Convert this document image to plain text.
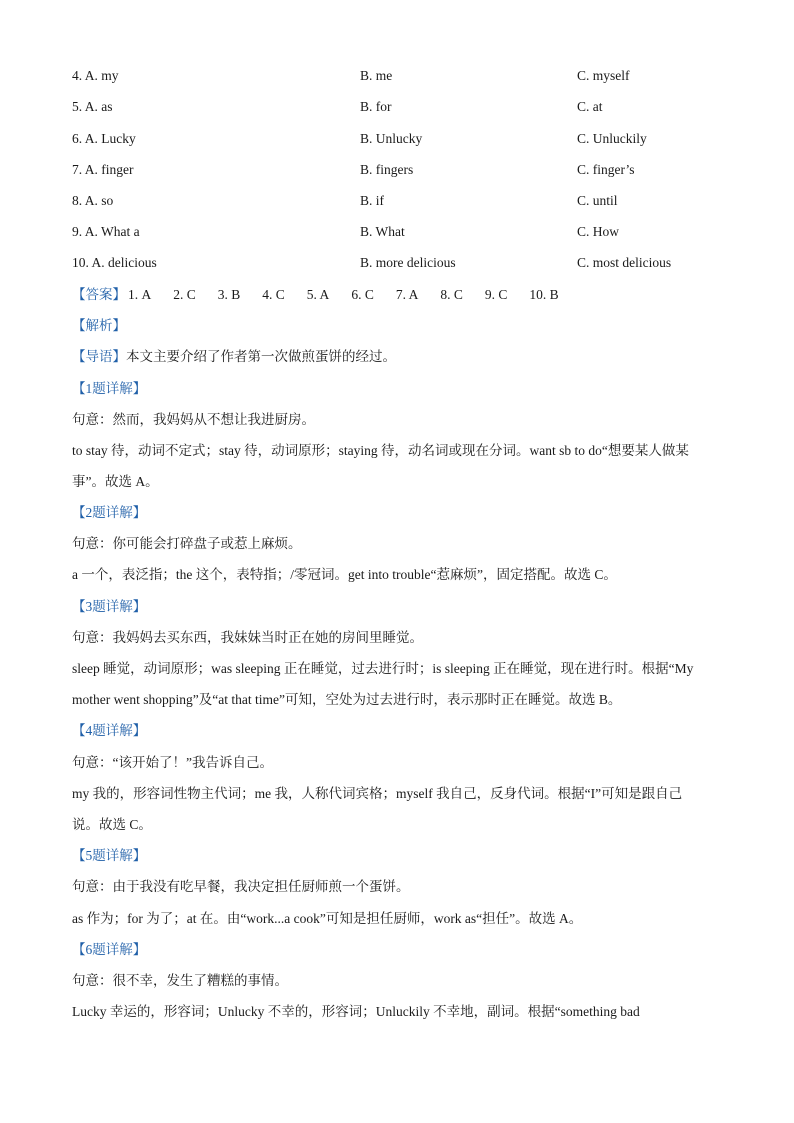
4. A. my	B. me	C. myself
5. A. as	B. for	C. at
6. A. Lucky	B. Unlucky	C. Unluckily
7. A. finger	B. fingers	C. finger’s
8. A. so	B. if	C. until
9. A. What a	B. What	C. How
10. A. delicious	B. more delicious	C. most delicious
【答案】 1. A 2. C 3. B 4. C 5. A 6. C 7. A 8. C 9. C 10. B
【解析】
【导语】本文主要介绍了作者第一次做煎蛋饼的经过。
【1题详解】
句意：然而，我妈妈从不想让我进厨房。
to stay 待，动词不定式；stay 待，动词原形；staying 待，动名词或现在分词。want sb to do“想要某人做某
事”。故选 A。
【2题详解】
句意：你可能会打碎盘子或惹上麻烦。
a 一个，表泛指；the 这个，表特指；/零冠词。get into trouble“惹麻烦”，固定搭配。故选 C。
【3题详解】
句意：我妈妈去买东西，我妹妹当时正在她的房间里睡觉。
sleep 睡觉，动词原形；was sleeping 正在睡觉，过去进行时；is sleeping 正在睡觉，现在进行时。根据“My
mother went shopping”及“at that time”可知，空处为过去进行时，表示那时正在睡觉。故选 B。
【4题详解】
句意：“该开始了！”我告诉自己。
my 我的，形容词性物主代词；me 我，人称代词宾格；myself 我自己，反身代词。根据“I”可知是跟自己
说。故选 C。
【5题详解】
句意：由于我没有吃早餐，我决定担任厨师煎一个蛋饼。
as 作为；for 为了；at 在。由“work...a cook”可知是担任厨师，work as“担任”。故选 A。
【6题详解】
句意：很不幸，发生了糟糕的事情。
Lucky 幸运的，形容词；Unlucky 不幸的，形容词；Unluckily 不幸地，副词。根据“something bad
